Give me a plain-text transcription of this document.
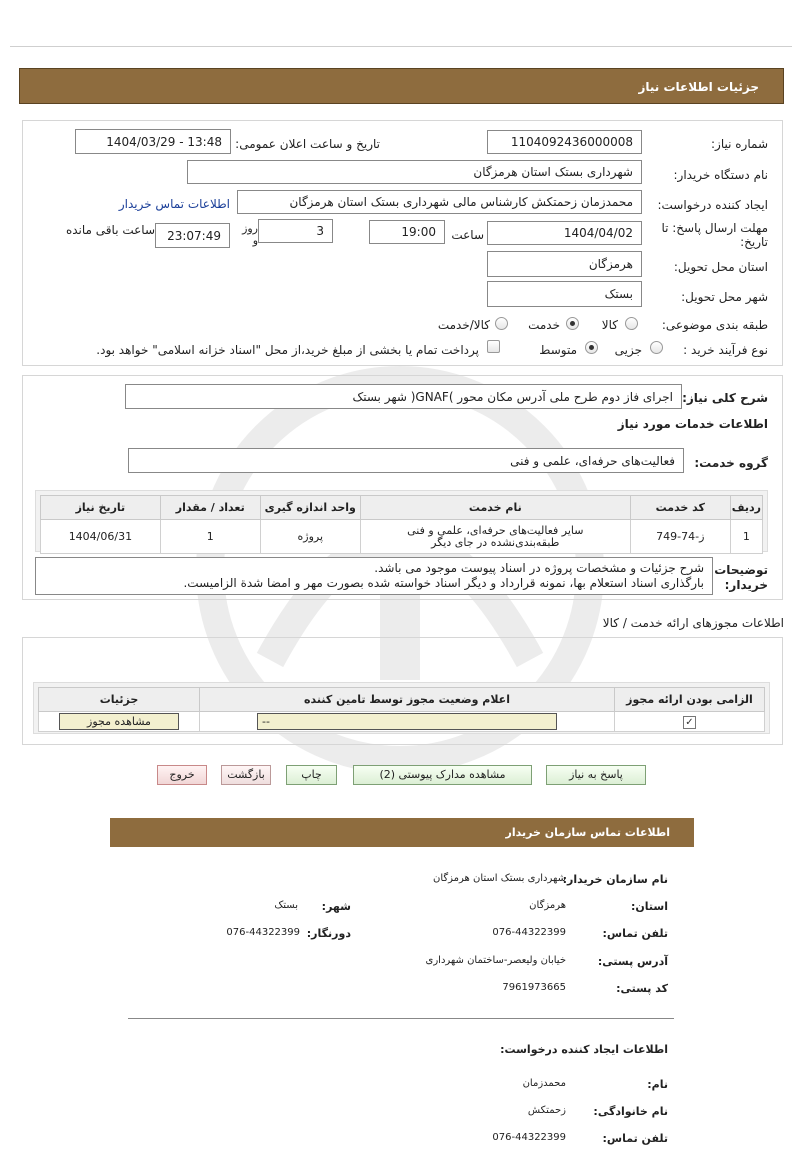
جزئیات اطلاعات نیاز
شماره نیاز:
1104092436000008
تاریخ و ساعت اعلان عمومی:
1404/03/29 - 13:48
نام دستگاه خریدار:
شهرداری بستک استان هرمزگان
ایجاد کننده درخواست:
محمدزمان زحمتکش کارشناس مالی شهرداری بستک استان هرمزگان
اطلاعات تماس خریدار
مهلت ارسال پاسخ: تا تاریخ:
1404/04/02
ساعت
19:00
3
روز و
23:07:49
ساعت باقی مانده
استان محل تحویل:
هرمزگان
شهر محل تحویل:
بستک
طبقه بندی موضوعی:
کالا
خدمت
کالا/خدمت
نوع فرآیند خرید :
جزیی
متوسط
پرداخت تمام یا بخشی از مبلغ خرید،از محل "اسناد خزانه اسلامی" خواهد بود.
شرح کلی نیاز:
اجرای فاز دوم طرح ملی آدرس مکان محور )GNAF( شهر بستک
اطلاعات خدمات مورد نیاز
گروه خدمت:
فعالیت‌های حرفه‌ای، علمی و فنی
ردیف	کد خدمت	نام خدمت	واحد اندازه گیری	تعداد / مقدار	تاریخ نیاز
1	ز-74-749	سایر فعالیت‌های حرفه‌ای، علمی و فنی طبقه‌بندی‌نشده در جای دیگر	پروژه	1	1404/06/31
توضیحات خریدار:
شرح جزئیات و مشخصات پروژه در اسناد پیوست موجود می باشد.
بارگذاری اسناد استعلام بها، نمونه قرارداد و دیگر اسناد خواسته شده بصورت مهر و امضا شدة الزامیست.
اطلاعات مجوزهای ارائه خدمت / کالا
الزامی بودن ارائه مجوز	اعلام وضعیت مجوز توسط تامین کننده	جزئیات
✓	--	مشاهده مجوز
پاسخ به نیاز
مشاهده مدارک پیوستی (2)
چاپ
بازگشت
خروج
اطلاعات تماس سازمان خریدار
نام سازمان خریدار:
شهرداری بستک استان هرمزگان
استان:
هرمزگان
شهر:
بستک
تلفن تماس:
076-44322399
دورنگار:
076-44322399
آدرس پستی:
خیابان ولیعصر-ساختمان شهرداری
کد پستی:
7961973665
اطلاعات ایجاد کننده درخواست:
نام:
محمدزمان
نام خانوادگی:
زحمتکش
تلفن تماس:
076-44322399
